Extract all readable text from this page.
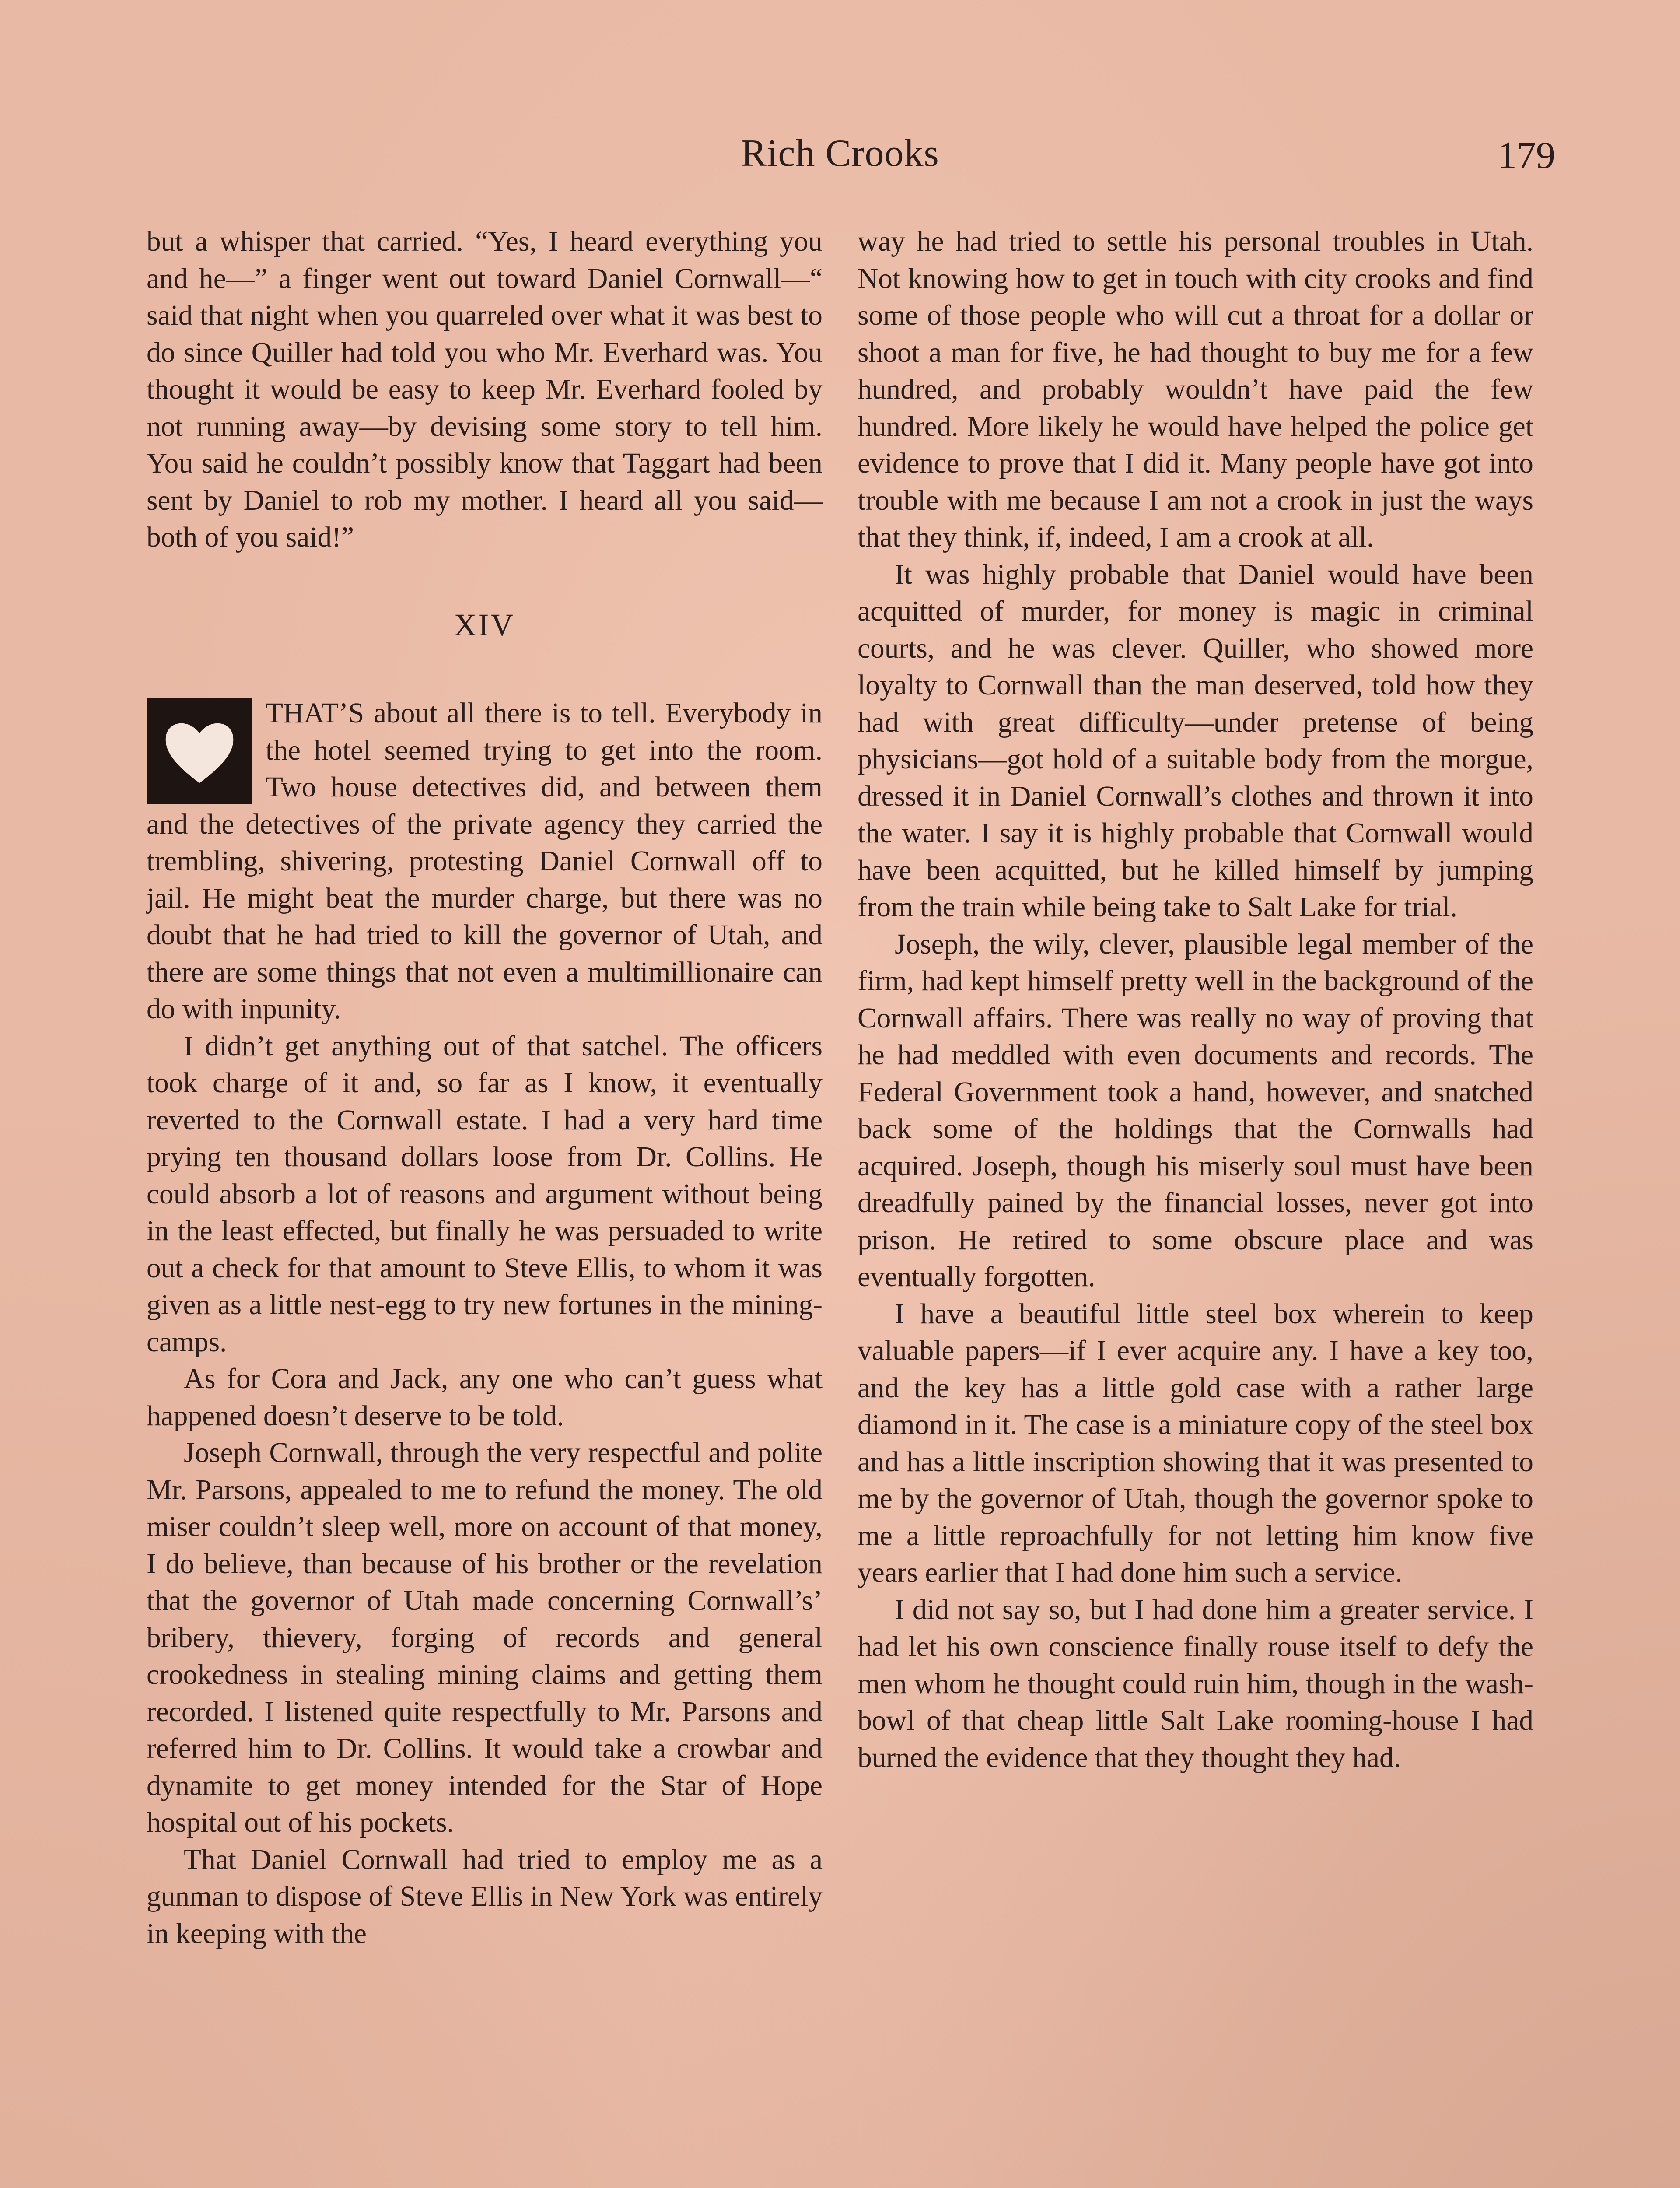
Rich Crooks	179

but a whisper that carried. “Yes, I heard everything you and he—” a finger went out toward Daniel Cornwall—“ said that night when you quarreled over what it was best to do since Quiller had told you who Mr. Everhard was. You thought it would be easy to keep Mr. Everhard fooled by not running away—by devising some story to tell him. You said he couldn’t possibly know that Taggart had been sent by Daniel to rob my mother. I heard all you said—both of you said!”

XIV

THAT’S about all there is to tell. Everybody in the hotel seemed trying to get into the room. Two house detectives did, and between them and the detectives of the private agency they carried the trembling, shivering, protesting Daniel Cornwall off to jail. He might beat the murder charge, but there was no doubt that he had tried to kill the governor of Utah, and there are some things that not even a multimillionaire can do with inpunity.

I didn’t get anything out of that satchel. The officers took charge of it and, so far as I know, it eventually reverted to the Cornwall estate. I had a very hard time prying ten thousand dollars loose from Dr. Collins. He could absorb a lot of reasons and argument without being in the least effected, but finally he was persuaded to write out a check for that amount to Steve Ellis, to whom it was given as a little nest-egg to try new fortunes in the mining-camps.

As for Cora and Jack, any one who can’t guess what happened doesn’t deserve to be told.

Joseph Cornwall, through the very respectful and polite Mr. Parsons, appealed to me to refund the money. The old miser couldn’t sleep well, more on account of that money, I do believe, than because of his brother or the revelation that the governor of Utah made concerning Cornwall’s’ bribery, thievery, forging of records and general crookedness in stealing mining claims and getting them recorded. I listened quite respectfully to Mr. Parsons and referred him to Dr. Collins. It would take a crowbar and dynamite to get money intended for the Star of Hope hospital out of his pockets.

That Daniel Cornwall had tried to employ me as a gunman to dispose of Steve Ellis in New York was entirely in keeping with the

way he had tried to settle his personal troubles in Utah. Not knowing how to get in touch with city crooks and find some of those people who will cut a throat for a dollar or shoot a man for five, he had thought to buy me for a few hundred, and probably wouldn’t have paid the few hundred. More likely he would have helped the police get evidence to prove that I did it. Many people have got into trouble with me because I am not a crook in just the ways that they think, if, indeed, I am a crook at all.

It was highly probable that Daniel would have been acquitted of murder, for money is magic in criminal courts, and he was clever. Quiller, who showed more loyalty to Cornwall than the man deserved, told how they had with great difficulty—under pretense of being physicians—got hold of a suitable body from the morgue, dressed it in Daniel Cornwall’s clothes and thrown it into the water. I say it is highly probable that Cornwall would have been acquitted, but he killed himself by jumping from the train while being take to Salt Lake for trial.

Joseph, the wily, clever, plausible legal member of the firm, had kept himself pretty well in the background of the Cornwall affairs. There was really no way of proving that he had meddled with even documents and records. The Federal Government took a hand, however, and snatched back some of the holdings that the Cornwalls had acquired. Joseph, though his miserly soul must have been dreadfully pained by the financial losses, never got into prison. He retired to some obscure place and was eventually forgotten.

I have a beautiful little steel box wherein to keep valuable papers—if I ever acquire any. I have a key too, and the key has a little gold case with a rather large diamond in it. The case is a miniature copy of the steel box and has a little inscription showing that it was presented to me by the governor of Utah, though the governor spoke to me a little reproachfully for not letting him know five years earlier that I had done him such a service.

I did not say so, but I had done him a greater service. I had let his own conscience finally rouse itself to defy the men whom he thought could ruin him, though in the wash-bowl of that cheap little Salt Lake rooming-house I had burned the evidence that they thought they had.
